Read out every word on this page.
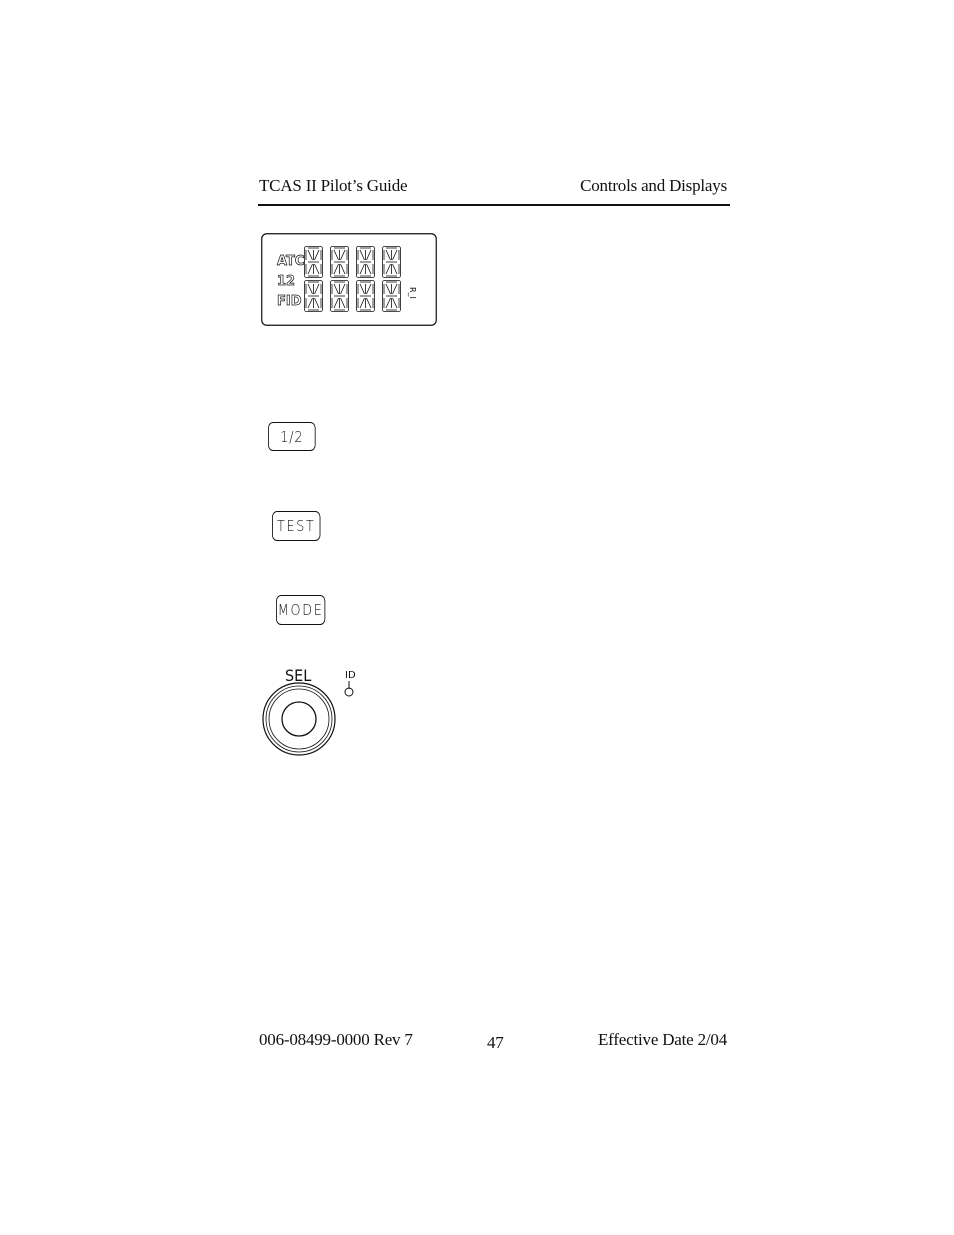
TCAS II Pilot’s Guide	Controls and Displays
ATC
12
FID
R_I
1/2
TEST
MODE
SEL	ID
006-08499-0000 Rev 7	47	Effective Date 2/04
